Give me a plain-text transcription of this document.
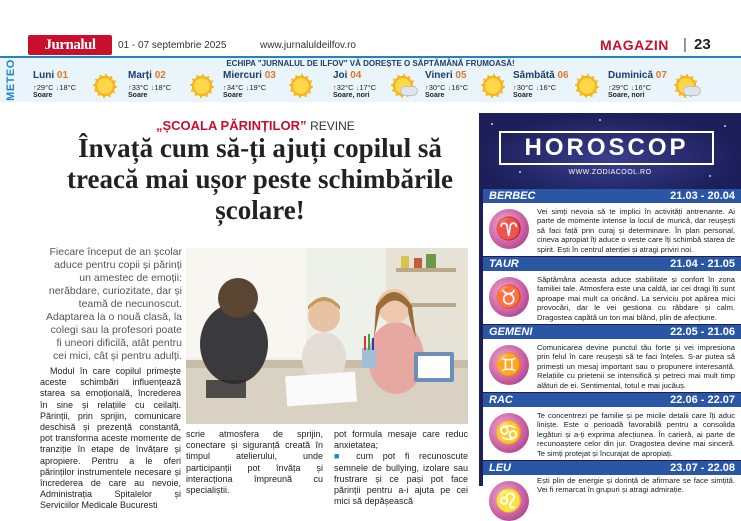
Jurnalul	01 - 07 septembrie 2025	www.jurnaluldeilfov.ro	MAGAZIN | 23
METEO	ECHIPA "JURNALUL DE ILFOV" VĂ DOREȘTE O SĂPTĂMÂNĂ FRUMOASĂ!
Luni 01
↑29°C ↓18°C
Soare
Marți 02
↑33°C ↓18°C
Soare
Miercuri 03
↑34°C ↓19°C
Soare
Joi 04
↑32°C ↓17°C
Soare, nori
Vineri 05
↑30°C ↓16°C
Soare
Sâmbătă 06
↑30°C ↓16°C
Soare
Duminică 07
↑29°C ↓16°C
Soare, nori
„ȘCOALA PĂRINȚILOR” REVINE
Învață cum să-ți ajuți copilul să treacă mai ușor peste schimbările școlare!

Fiecare început de an școlar aduce pentru copii și părinți un amestec de emoții: nerăbdare, curiozitate, dar și teamă de necunoscut. Adaptarea la o nouă clasă, la colegi sau la profesori poate fi uneori dificilă, atât pentru cei mici, cât și pentru adulți.

Modul în care copilul primește aceste schimbări influențează starea sa emoțională, încrederea în sine și relațiile cu ceilalți. Părinții, prin sprijin, comunicare deschisă și prezență constantă, pot transforma aceste momente de tranziție în etape de învățare și apropiere. Pentru a le oferi părinților instrumentele necesare și încrederea de care au nevoie, Administrația Spitalelor și Serviciilor Medicale Bucuresti

scrie atmosfera de sprijin, conectare și siguranță creată în timpul atelierului, unde participanții pot învăța și interacționa împreună cu specialiștii.

pot formula mesaje care reduc anxietatea;
■ cum pot fi recunoscute semnele de bullying, izolare sau frustrare și ce pași pot face părinții pentru a-i ajuta pe cei mici să depășească
HOROSCOP
WWW.ZODIACOOL.RO
BERBEC	21.03 - 20.04
♈

Vei simți nevoia să te implici în activități antrenante. Ai parte de momente intense la locul de muncă, dar reușești să faci față prin curaj și determinare. În plan personal, cineva apropiat îți aduce o veste care îți schimbă starea de spirit. Ești în centrul atenției și atragi priviri noi.

TAUR	21.04 - 21.05
♉

Săptămâna aceasta aduce stabilitate și confort în zona familiei tale. Atmosfera este una caldă, iar cei dragi îți sunt aproape mai mult ca oricând. La serviciu pot apărea mici provocări, dar le vei gestiona cu răbdare și calm. Dragostea capătă un ton mai blând, plin de afecțiune.

GEMENI	22.05 - 21.06
♊

Comunicarea devine punctul tău forte și vei impresiona prin felul în care reușești să te faci înțeles. S-ar putea să primești un mesaj important sau o propunere interesantă. Relațiile cu prietenii se intensifică și petreci mai mult timp alături de ei. Sentimental, totul e mai jucăuș.

RAC	22.06 - 22.07
♋

Te concentrezi pe familie și pe micile detalii care îți aduc liniște. Este o perioadă favorabilă pentru a consolida legături și a-ți exprima afecțiunea. În carieră, ai parte de recunoaștere celor din jur. Dragostea devine mai sinceră. Te simți protejat și încurajat de apropiați.

LEU	23.07 - 22.08
♌

Ești plin de energie și dorință de afirmare se face simțită. Vei fi remarcat în grupuri și atragi admirație.
